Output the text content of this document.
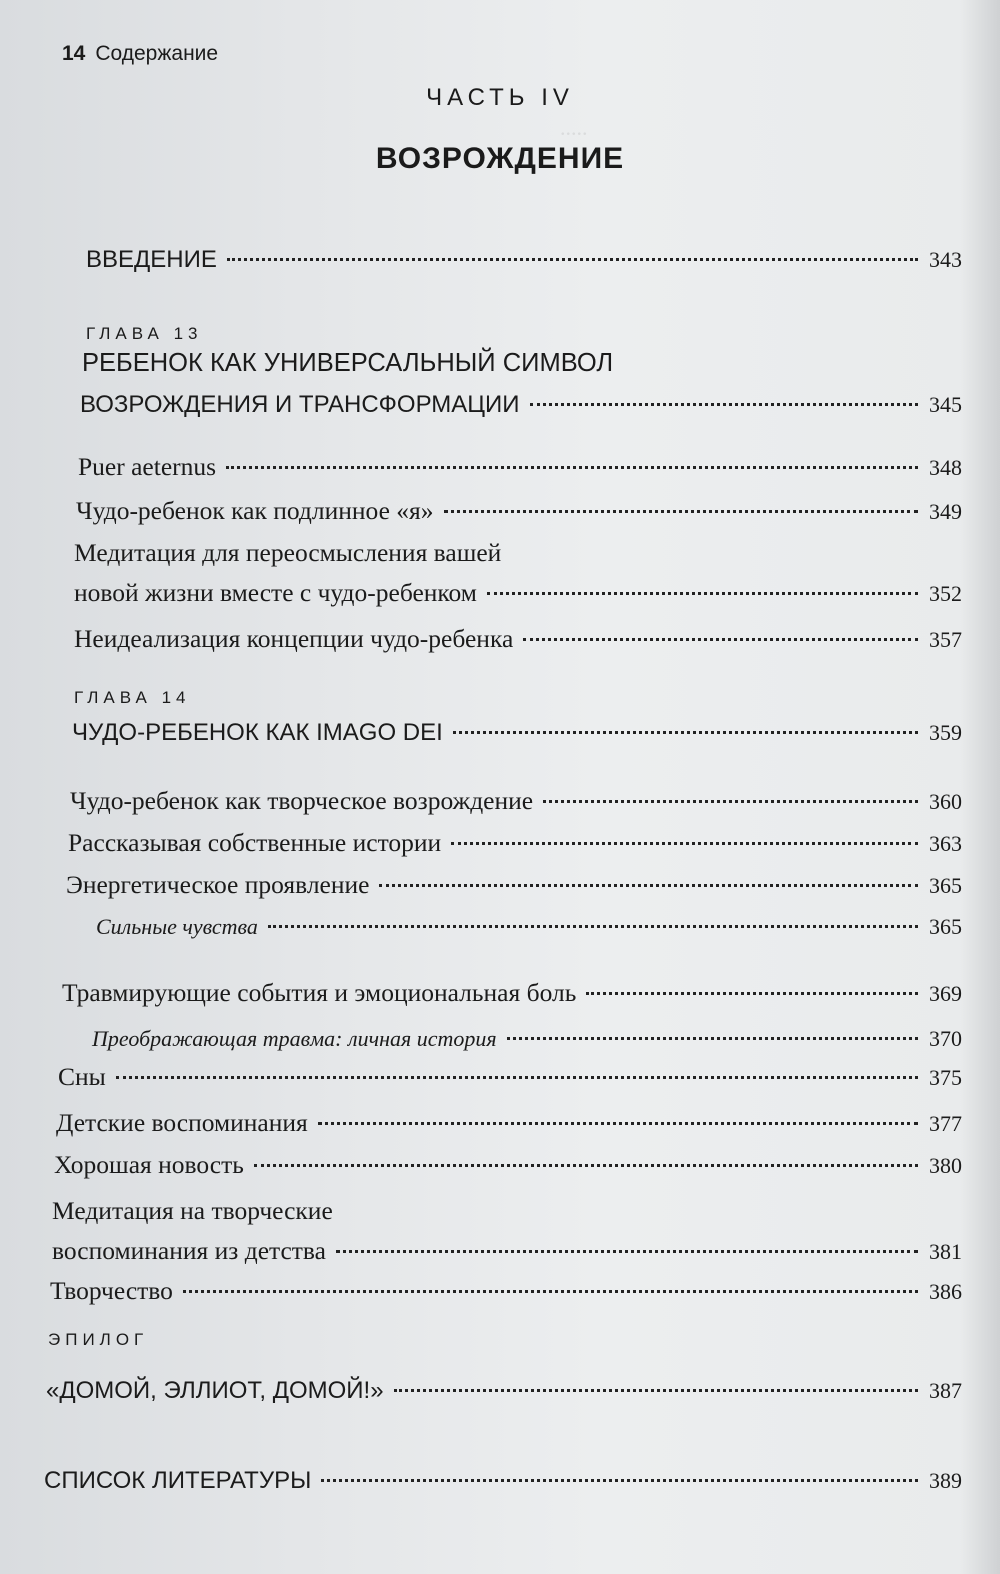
.....
14 Содержание
ЧАСТЬ IV
ВОЗРОЖДЕНИЕ
ВВЕДЕНИЕ	343
ГЛАВА 13
РЕБЕНОК КАК УНИВЕРСАЛЬНЫЙ СИМВОЛ
ВОЗРОЖДЕНИЯ И ТРАНСФОРМАЦИИ	345
Puer aeternus	348
Чудо-ребенок как подлинное «я»	349
Медитация для переосмысления вашей
новой жизни вместе с чудо-ребенком	352
Неидеализация концепции чудо-ребенка	357
ГЛАВА 14
ЧУДО-РЕБЕНОК КАК IMAGO DEI	359
Чудо-ребенок как творческое возрождение	360
Рассказывая собственные истории	363
Энергетическое проявление	365
Сильные чувства	365
Травмирующие события и эмоциональная боль	369
Преображающая травма: личная история	370
Сны	375
Детские воспоминания	377
Хорошая новость	380
Медитация на творческие
воспоминания из детства	381
Творчество	386
ЭПИЛОГ
«ДОМОЙ, ЭЛЛИОТ, ДОМОЙ!»	387
СПИСОК ЛИТЕРАТУРЫ	389
